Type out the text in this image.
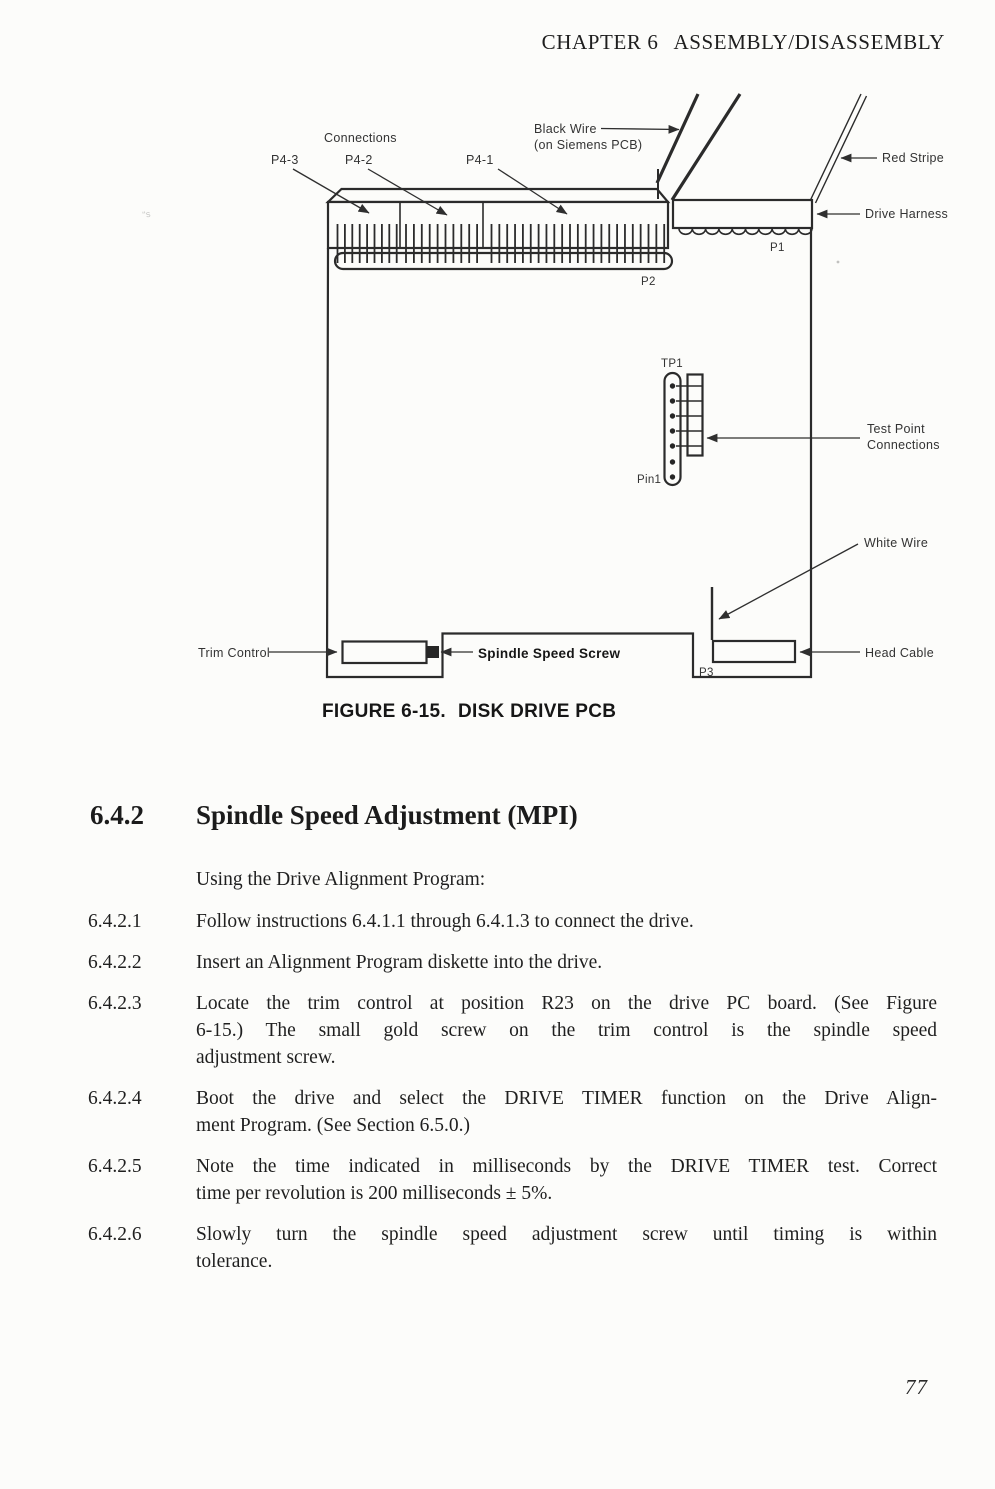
CHAPTER 6 ASSEMBLY/DISASSEMBLY
Connections
P4-3	P4-2	P4-1
Black Wire
(on Siemens PCB)
Red Stripe
Drive Harness
P1
P2
TP1
Pin1
Test Point
Connections
White Wire
Trim Control	Spindle Speed Screw
P3
Head Cable
''s
FIGURE 6-15. DISK DRIVE PCB
6.4.2 Spindle Speed Adjustment (MPI)
Using the Drive Alignment Program:
6.4.2.1	Follow instructions 6.4.1.1 through 6.4.1.3 to connect the drive.
6.4.2.2	Insert an Alignment Program diskette into the drive.
6.4.2.3	Locate the trim control at position R23 on the drive PC board. (See Figure
6-15.) The small gold screw on the trim control is the spindle speed
adjustment screw.
6.4.2.4	Boot the drive and select the DRIVE TIMER function on the Drive Align-
ment Program. (See Section 6.5.0.)
6.4.2.5	Note the time indicated in milliseconds by the DRIVE TIMER test. Correct
time per revolution is 200 milliseconds ± 5%.
6.4.2.6	Slowly turn the spindle speed adjustment screw until timing is within
tolerance.
77
